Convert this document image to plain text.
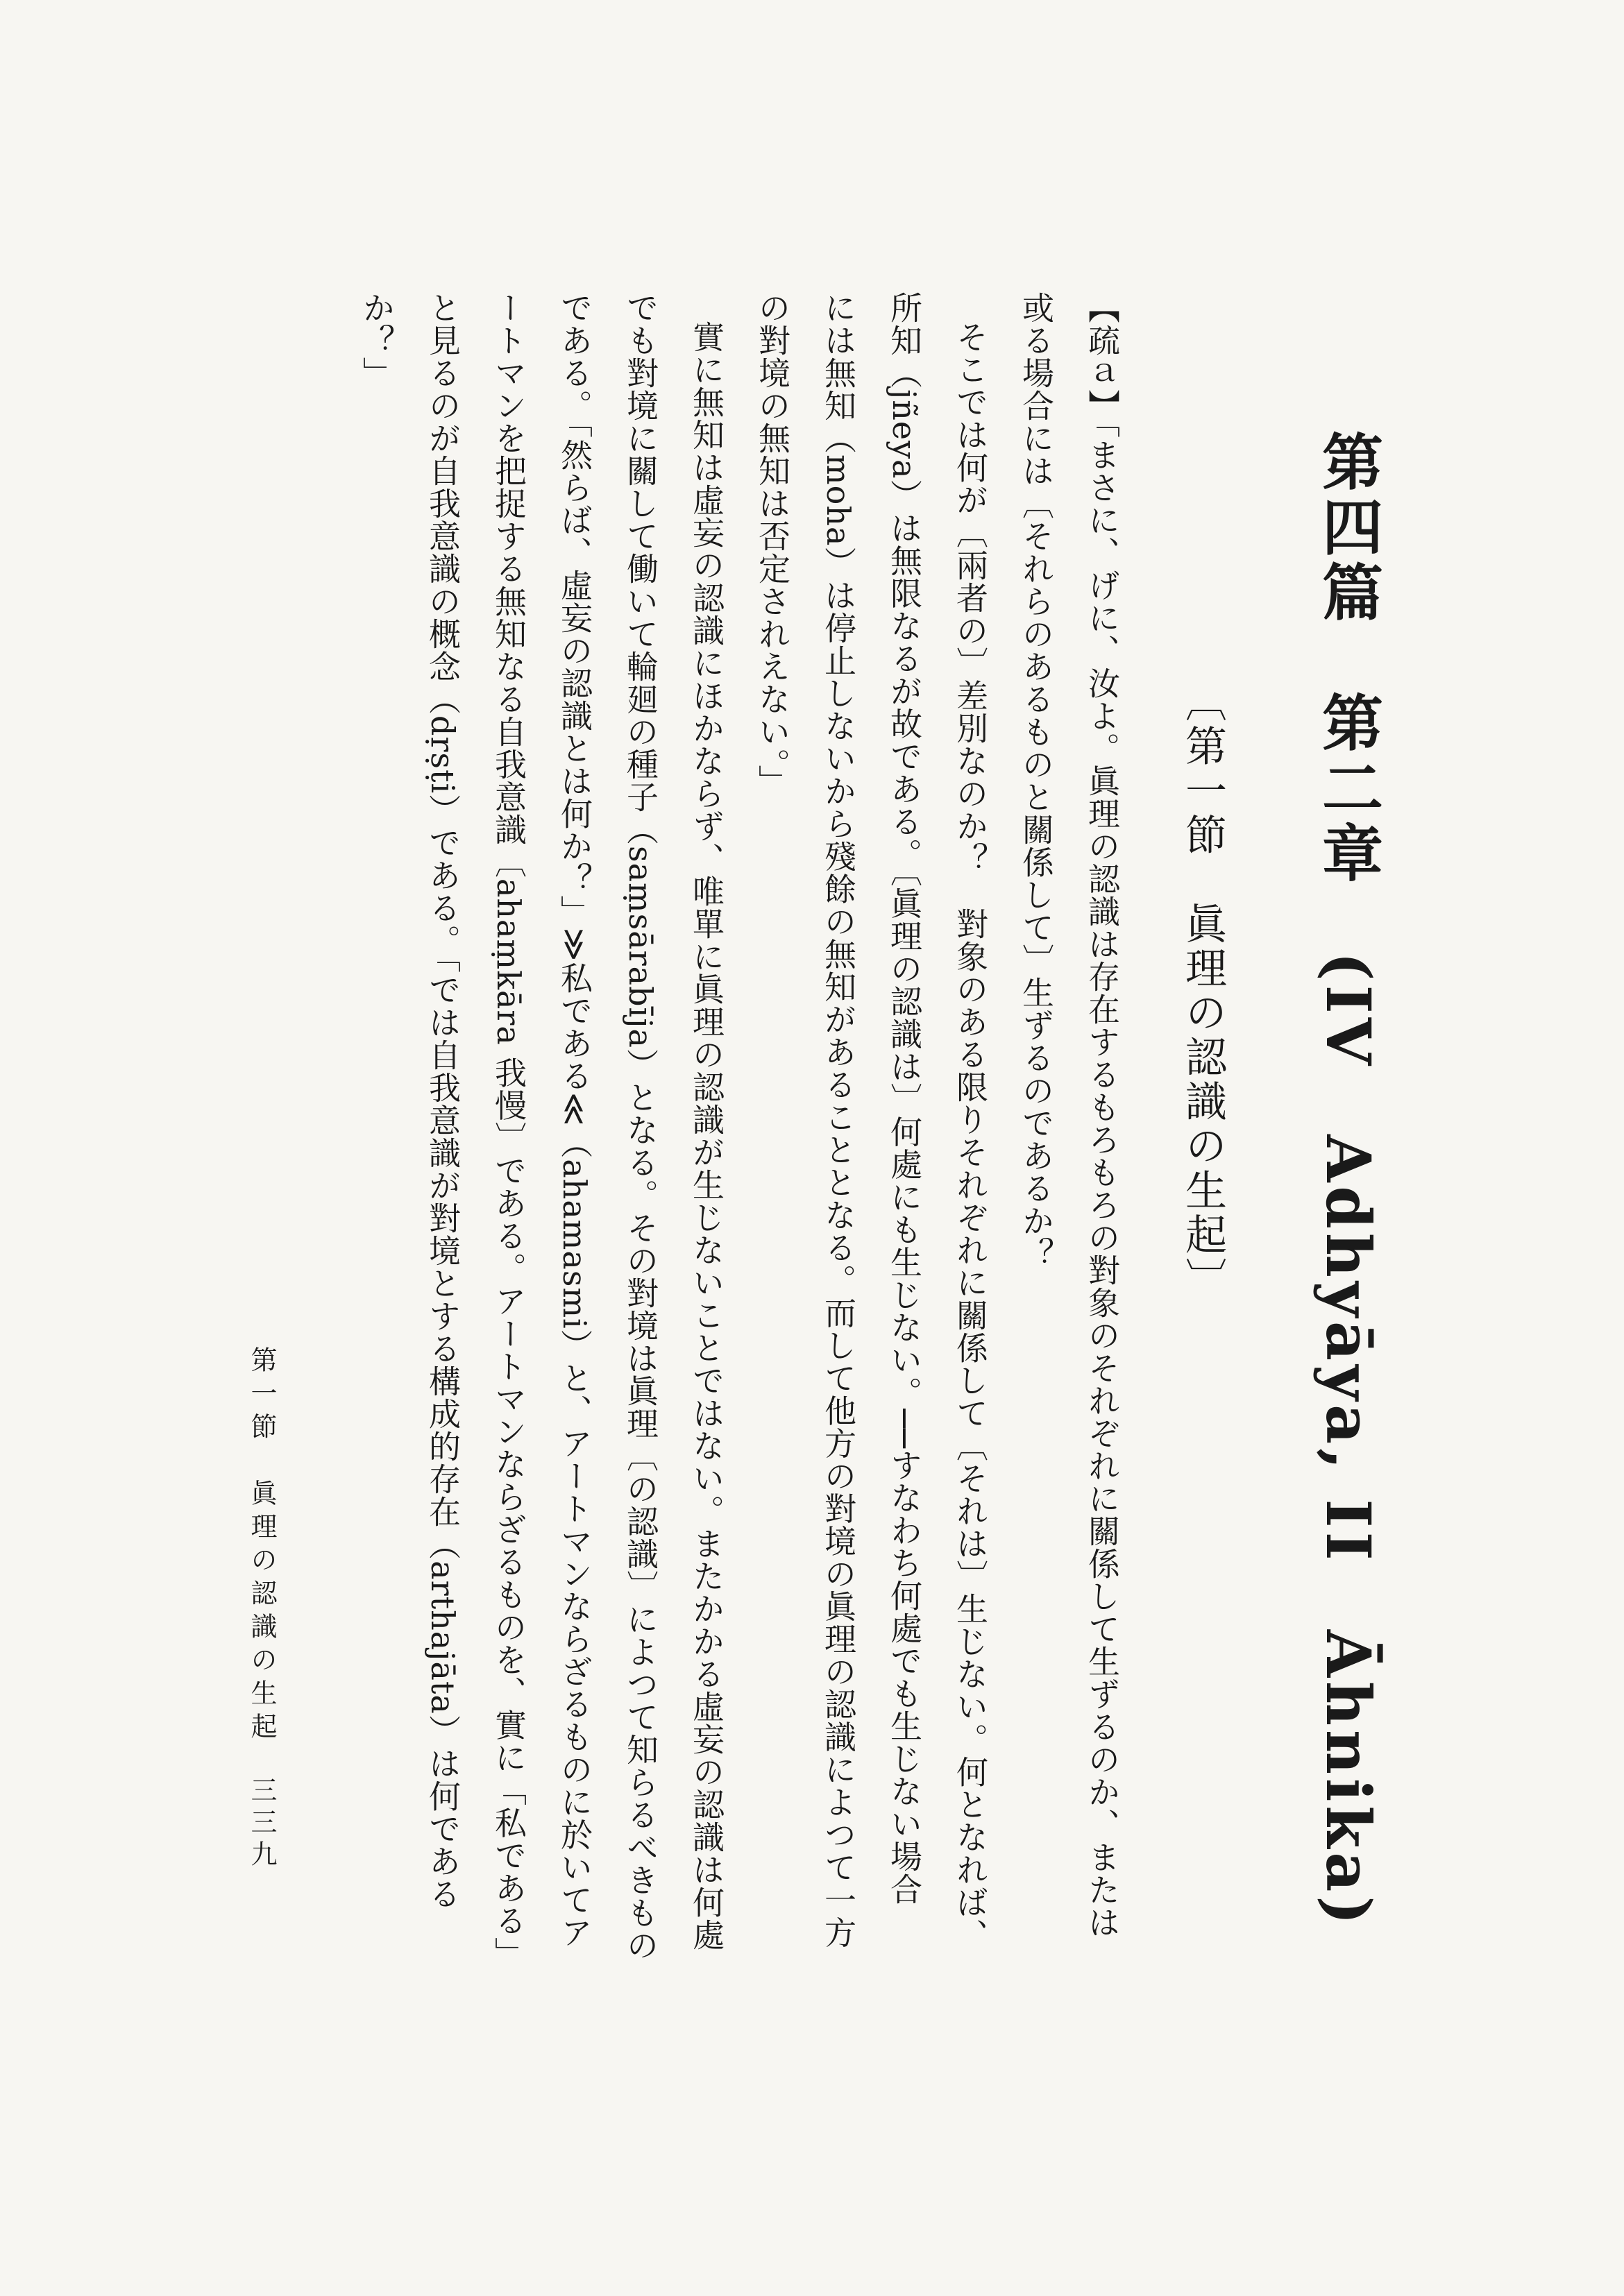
第四篇　第二章　(IV　Adhyāya, II　Āhnika)
〔第一節　眞理の認識の生起〕
【疏ａ】「まさに、げに、汝よ。眞理の認識は存在するもろもろの對象のそれぞれに關係して生ずるのか、または
或る場合には〔それらのあるものと關係して〕生ずるのであるか？
そこでは何が〔兩者の〕差別なのか？　對象のある限りそれぞれに關係して〔それは〕生じない。何となれば、
所知（jñeya）は無限なるが故である。〔眞理の認識は〕何處にも生じない。──すなわち何處でも生じない場合
には無知（moha）は停止しないから殘餘の無知があることとなる。而して他方の對境の眞理の認識によつて一方
の對境の無知は否定されえない。」
實に無知は虛妄の認識にほかならず、唯單に眞理の認識が生じないことではない。またかかる虛妄の認識は何處
でも對境に關して働いて輪廻の種子（saṃsārabīja）となる。その對境は眞理〔の認識〕によつて知らるべきもの
である。「然らば、虛妄の認識とは何か？」≫私である≪（ahamasmi）と、アートマンならざるものに於いてア
ートマンを把捉する無知なる自我意識〔ahaṃkāra 我慢〕である。アートマンならざるものを、實に「私である」
と見るのが自我意識の概念（dṛṣṭi）である。「では自我意識が對境とする構成的存在（arthajāta）は何である
か？」
第一節　眞理の認識の生起
三三九
